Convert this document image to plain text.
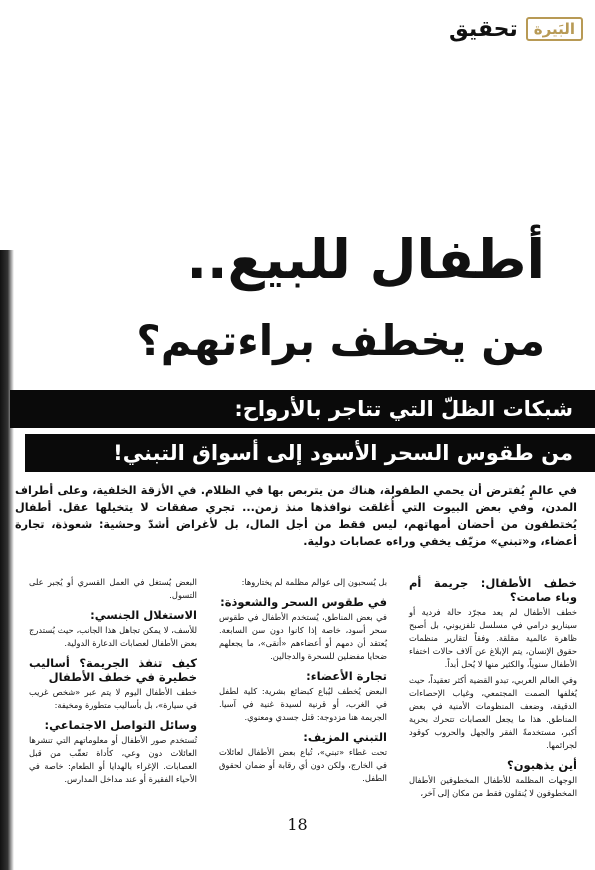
البَيرة
تحقيق
أطفال للبيع..
من يخطف براءتهم؟
شبكات الظلّ التي تتاجر بالأرواح:
من طقوس السحر الأسود إلى أسواق التبني!
في عالمٍ يُفترض أن يحمي الطفولة، هناك من يتربص بها في الظلام. في الأزقة الخلفية، وعلى أطراف المدن، وفي بعض البيوت التي أُغلقت نوافذها منذ زمن... تجري صفقات لا يتخيلها عقل. أطفال يُختطفون من أحضان أمهاتهم، ليس فقط من أجل المال، بل لأغراض أشدّ وحشية: شعوذة، تجارة أعضاء، و«تبني» مزيّف يخفي وراءه عصابات دولية.
خطف الأطفال: جريمة أم وباء صامت؟

خطف الأطفال لم يعد مجرّد حالة فردية أو سيناريو درامي في مسلسل تلفزيوني، بل أصبح ظاهرة عالمية مقلقة. وفقاً لتقارير منظمات حقوق الإنسان، يتم الإبلاغ عن آلاف حالات اختفاء الأطفال سنوياً، والكثير منها لا يُحل أبداً.

وفي العالم العربي، تبدو القضية أكثر تعقيداً، حيث يُغلفها الصمت المجتمعي، وغياب الإحصاءات الدقيقة، وضعف المنظومات الأمنية في بعض المناطق. هذا ما يجعل العصابات تتحرك بحرية أكبر، مستخدمةً الفقر والجهل والحروب كوقود لجرائمها.

أين يذهبون؟

الوجهات المظلمة للأطفال المخطوفين الأطفال المخطوفون لا يُنقلون فقط من مكان إلى آخر،

بل يُسحبون إلى عوالم مظلمة لم يختاروها:

في طقوس السحر والشعوذة:

في بعض المناطق، يُستخدم الأطفال في طقوس سحر أسود، خاصة إذا كانوا دون سن السابعة. يُعتقد أن دمهم أو أعضاءهم «أنقى»، ما يجعلهم ضحايا مفضلين للسحرة والدجالين.

تجارة الأعضاء:

البعض يُخطف ليُباع كبضائع بشرية: كلية لطفل في الغرب، أو قرنية لسيدة غنية في آسيا. الجريمة هنا مزدوجة: قتل جسدي ومعنوي.

التبني المزيف:

تحت غطاء «تبني»، تُباع بعض الأطفال لعائلات في الخارج، ولكن دون أي رقابة أو ضمان لحقوق الطفل.

البعض يُستغل في العمل القسري أو يُجبر على التسول.

الاستغلال الجنسي:

للأسف، لا يمكن تجاهل هذا الجانب، حيث يُستدرج بعض الأطفال لعصابات الدعارة الدولية.

كيف تنفذ الجريمة؟ أساليب خطيرة في خطف الأطفال

خطف الأطفال اليوم لا يتم عبر «شخص غريب في سيارة»، بل بأساليب متطورة ومخيفة:

وسائل التواصل الاجتماعي:

تُستخدم صور الأطفال أو معلوماتهم التي تنشرها العائلات دون وعي، كأداة تعقّب من قبل العصابات. الإغراء بالهدايا أو الطعام: خاصة في الأحياء الفقيرة أو عند مداخل المدارس.

18
